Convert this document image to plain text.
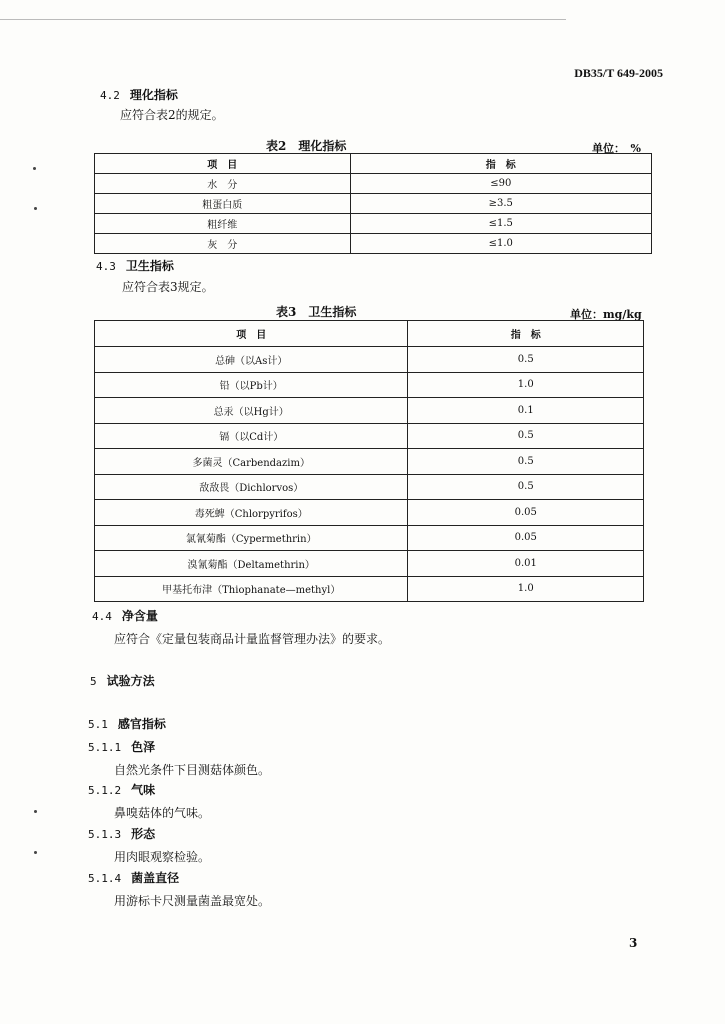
DB35/T 649-2005
4.2 理化指标
应符合表2的规定。
表2　理化指标	单位：　%
项　目	指　标
水　分	≤90
粗蛋白质	≥3.5
粗纤维	≤1.5
灰　分	≤1.0
4.3 卫生指标
应符合表3规定。
表3　卫生指标	单位：mg/kg
项　目	指　标
总砷（以As计）	0.5
铅（以Pb计）	1.0
总汞（以Hg计）	0.1
镉（以Cd计）	0.5
多菌灵（Carbendazim）	0.5
敌敌畏（Dichlorvos）	0.5
毒死蜱（Chlorpyrifos）	0.05
氯氰菊酯（Cypermethrin）	0.05
溴氰菊酯（Deltamethrin）	0.01
甲基托布津（Thiophanate—methyl）	1.0
4.4 净含量
应符合《定量包装商品计量监督管理办法》的要求。
5 试验方法
5.1 感官指标
5.1.1 色泽
自然光条件下目测菇体颜色。
5.1.2 气味
鼻嗅菇体的气味。
5.1.3 形态
用肉眼观察检验。
5.1.4 菌盖直径
用游标卡尺测量菌盖最宽处。
3
